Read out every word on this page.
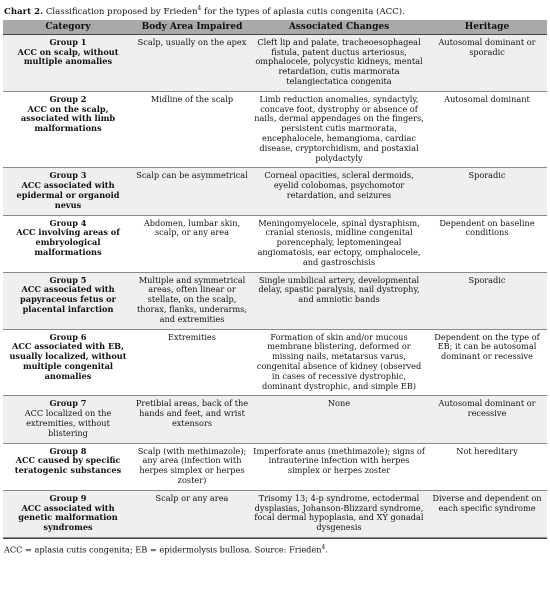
Chart 2. Classification proposed by Frieden$^4$ for the types of aplasia cutis congenita (ACC).
Category	Body Area Impaired	Associated Changes	Heritage

Group 1
ACC on scalp, without multiple anomalies	Scalp, usually on the apex	Cleft lip and palate, tracheoesophageal fistula, patent ductus arteriosus, omphalocele, polycystic kidneys, mental retardation, cutis marmorata telangiectatica congenita	Autosomal dominant or sporadic

Group 2
ACC on the scalp, associated with limb malformations	Midline of the scalp	Limb reduction anomalies, syndactyly, concave foot, dystrophy or absence of nails, dermal appendages on the fingers, persistent cutis marmorata, encephalocele, hemangioma, cardiac disease, cryptorchidism, and postaxial polydactyly	Autosomal dominant

Group 3
ACC associated with epidermal or organoid nevus	Scalp can be asymmetrical	Corneal opacities, scleral dermoids, eyelid colobomas, psychomotor retardation, and seizures	Sporadic

Group 4
ACC involving areas of embryological malformations	Abdomen, lumbar skin, scalp, or any area	Meningomyelocele, spinal dysraphism, cranial stenosis, midline congenital porencephaly, leptomeningeal angiomatosis, ear ectopy, omphalocele, and gastroschisis	Dependent on baseline conditions

Group 5
ACC associated with papyraceous fetus or placental infarction	Multiple and symmetrical areas, often linear or stellate, on the scalp, thorax, flanks, underarms, and extremities	Single umbilical artery, developmental delay, spastic paralysis, nail dystrophy, and amniotic bands	Sporadic

Group 6
ACC associated with EB, usually localized, without multiple congenital anomalies	Extremities	Formation of skin and/or mucous membrane blistering, deformed or missing nails, metatarsus varus, congenital absence of kidney (observed in cases of recessive dystrophic, dominant dystrophic, and simple EB)	Dependent on the type of EB; it can be autosomal dominant or recessive

Group 7
ACC localized on the extremities, without blistering	Pretibial areas, back of the hands and feet, and wrist extensors	None	Autosomal dominant or recessive

Group 8
ACC caused by specific teratogenic substances	Scalp (with methimazole); any area (infection with herpes simplex or herpes zoster)	Imperforate anus (methimazole); signs of intrauterine infection with herpes simplex or herpes zoster	Not hereditary

Group 9
ACC associated with genetic malformation syndromes	Scalp or any area	Trisomy 13; 4-p syndrome, ectodermal dysplasias, Johanson-Blizzard syndrome, focal dermal hypoplasia, and XY gonadal dysgenesis	Diverse and dependent on each specific syndrome
ACC = aplasia cutis congenita; EB = epidermolysis bullosa. Source: Frieden$^4$.
